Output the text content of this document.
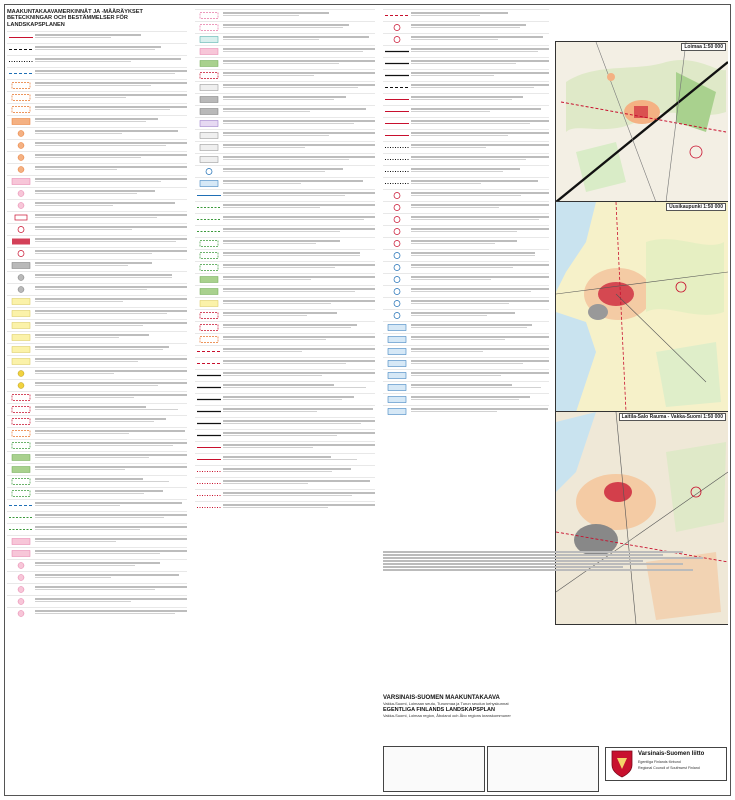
MAAKUNTAKAAVAMERKINNÄT JA -MÄÄRÄYKSET
BETECKNINGAR OCH BESTÄMMELSER FÖR LANDSKAPSPLANEN
Loimaa 1:50 000
Uusikaupunki 1:50 000
Laitila-Salo Rauma - Vakka-Suomi 1:50 000
VARSINAIS-SUOMEN MAAKUNTAKAAVA
Vakka-Suomi, Loimaan seutu, Turunmaa ja Turun seudun kehyskunnat
EGENTLIGA FINLANDS LANDSKAPSPLAN
Vakka-Suomi, Loimaa region, Åboland och Åbo regions kranskommuner
Varsinais-Suomen liitto
Egentliga Finlands förbund
Regional Council of Southwest Finland
